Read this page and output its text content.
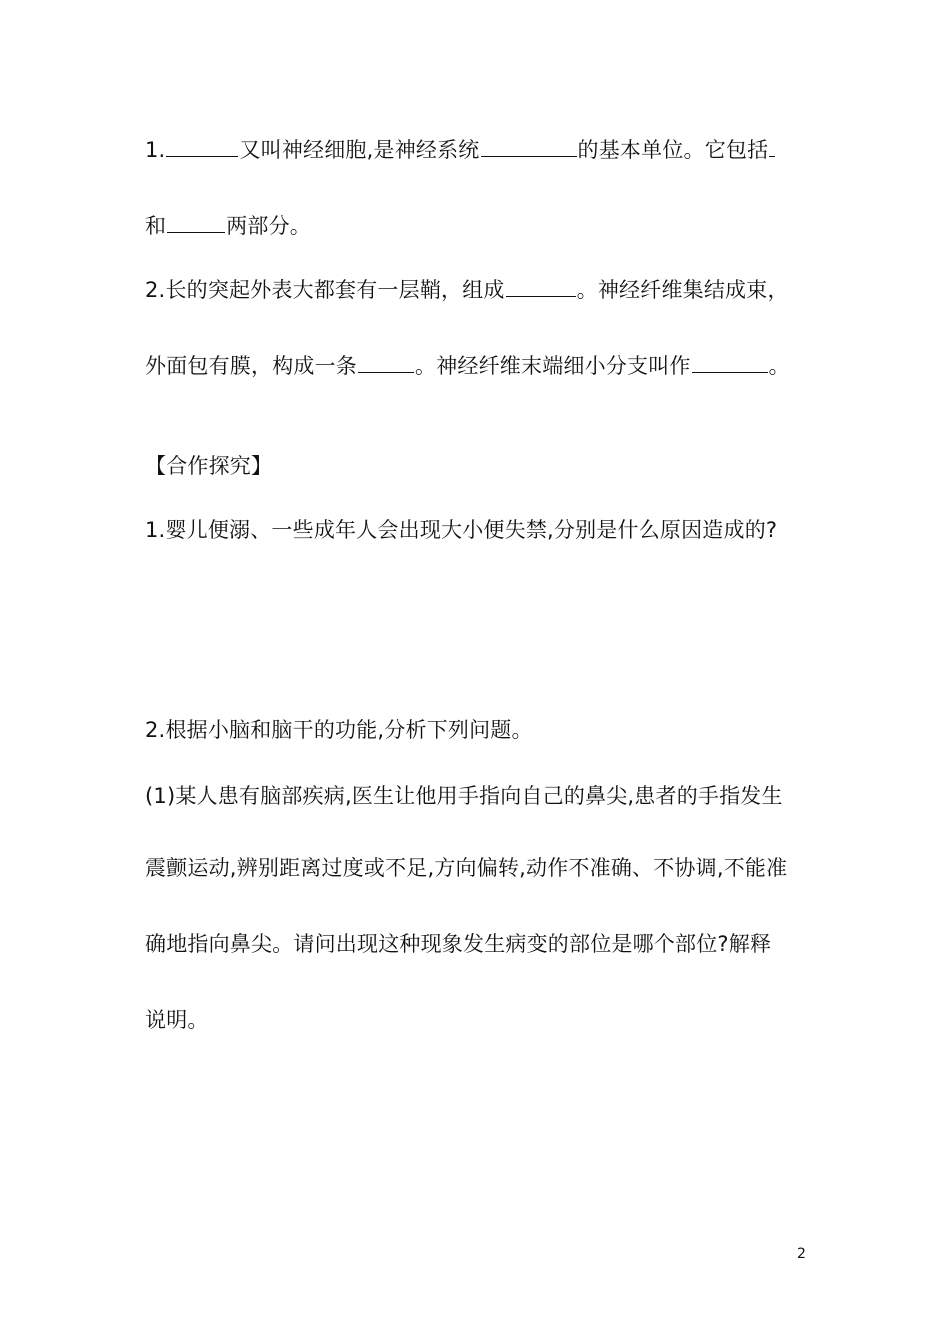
1.	又叫神经细胞,是神经系统	的基本单位。它包括
和	两部分。
2.长的突起外表大都套有一层鞘，组成	。神经纤维集结成束，
外面包有膜，构成一条	。神经纤维末端细小分支叫作	。
【合作探究】
1.婴儿便溺、一些成年人会出现大小便失禁,分别是什么原因造成的?
2.根据小脑和脑干的功能,分析下列问题。
(1)某人患有脑部疾病,医生让他用手指向自己的鼻尖,患者的手指发生
震颤运动,辨别距离过度或不足,方向偏转,动作不准确、不协调,不能准
确地指向鼻尖。请问出现这种现象发生病变的部位是哪个部位?解释
说明。
2
